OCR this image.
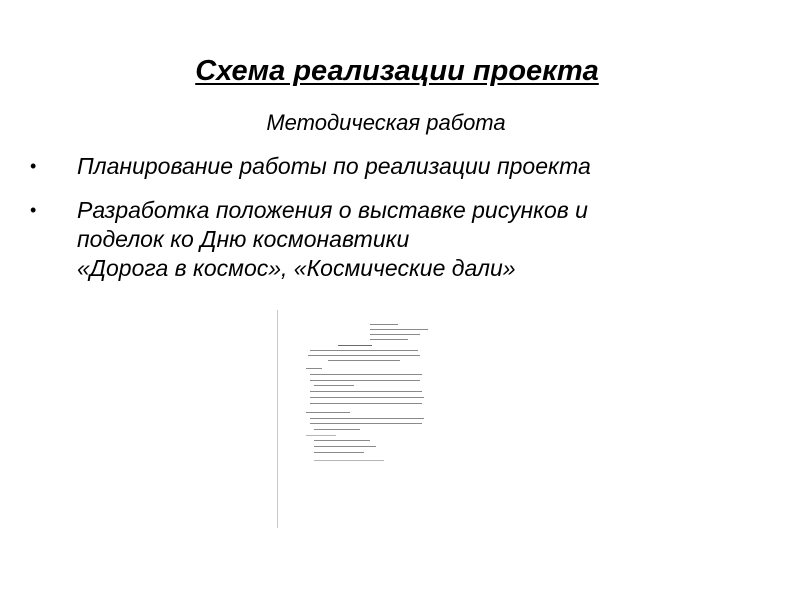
Схема реализации проекта
Методическая работа
• Планирование работы по реализации проекта
• Разработка положения о выставке рисунков и
поделок ко Дню космонавтики
«Дорога в космос», «Космические дали»
